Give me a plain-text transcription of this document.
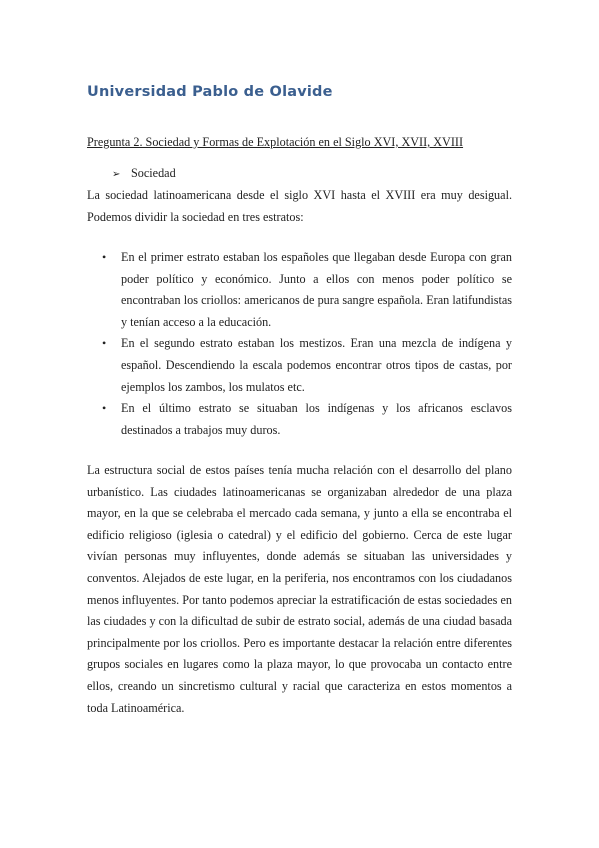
Universidad Pablo de Olavide
Pregunta 2. Sociedad y Formas de Explotación en el Siglo XVI, XVII, XVIII
➢ Sociedad

La sociedad latinoamericana desde el siglo XVI hasta el XVIII era muy desigual. Podemos dividir la sociedad en tres estratos:

• En el primer estrato estaban los españoles que llegaban desde Europa con gran poder político y económico. Junto a ellos con menos poder político se encontraban los criollos: americanos de pura sangre española. Eran latifundistas y tenían acceso a la educación.
• En el segundo estrato estaban los mestizos. Eran una mezcla de indígena y español. Descendiendo la escala podemos encontrar otros tipos de castas, por ejemplos los zambos, los mulatos etc.
• En el último estrato se situaban los indígenas y los africanos esclavos destinados a trabajos muy duros.

La estructura social de estos países tenía mucha relación con el desarrollo del plano urbanístico. Las ciudades latinoamericanas se organizaban alrededor de una plaza mayor, en la que se celebraba el mercado cada semana, y junto a ella se encontraba el edificio religioso (iglesia o catedral) y el edificio del gobierno. Cerca de este lugar vivían personas muy influyentes, donde además se situaban las universidades y conventos. Alejados de este lugar, en la periferia, nos encontramos con los ciudadanos menos influyentes. Por tanto podemos apreciar la estratificación de estas sociedades en las ciudades y con la dificultad de subir de estrato social, además de una ciudad basada principalmente por los criollos. Pero es importante destacar la relación entre diferentes grupos sociales en lugares como la plaza mayor, lo que provocaba un contacto entre ellos, creando un sincretismo cultural y racial que caracteriza en estos momentos a toda Latinoamérica.
